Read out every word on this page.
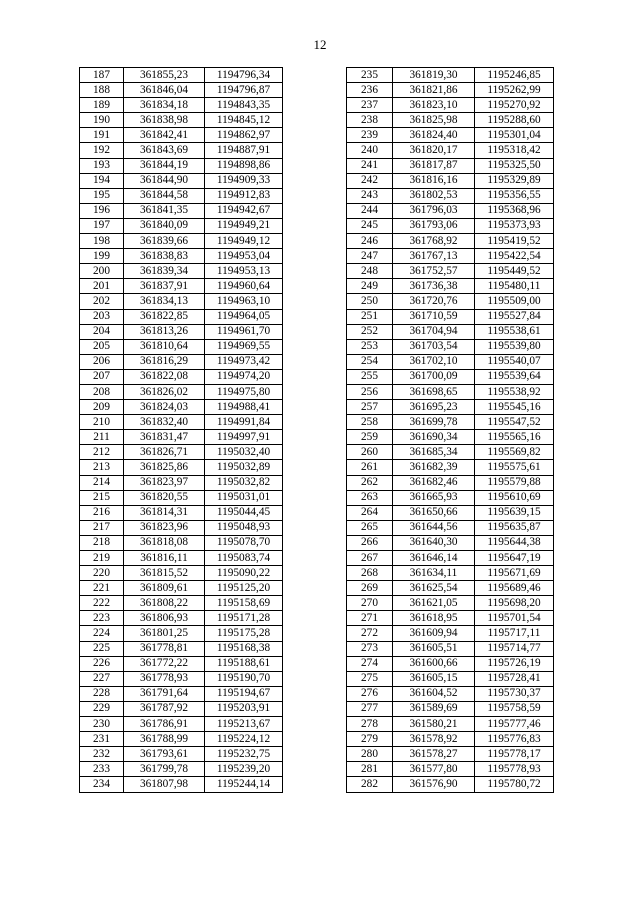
12
187	361855,23	1194796,34
188	361846,04	1194796,87
189	361834,18	1194843,35
190	361838,98	1194845,12
191	361842,41	1194862,97
192	361843,69	1194887,91
193	361844,19	1194898,86
194	361844,90	1194909,33
195	361844,58	1194912,83
196	361841,35	1194942,67
197	361840,09	1194949,21
198	361839,66	1194949,12
199	361838,83	1194953,04
200	361839,34	1194953,13
201	361837,91	1194960,64
202	361834,13	1194963,10
203	361822,85	1194964,05
204	361813,26	1194961,70
205	361810,64	1194969,55
206	361816,29	1194973,42
207	361822,08	1194974,20
208	361826,02	1194975,80
209	361824,03	1194988,41
210	361832,40	1194991,84
211	361831,47	1194997,91
212	361826,71	1195032,40
213	361825,86	1195032,89
214	361823,97	1195032,82
215	361820,55	1195031,01
216	361814,31	1195044,45
217	361823,96	1195048,93
218	361818,08	1195078,70
219	361816,11	1195083,74
220	361815,52	1195090,22
221	361809,61	1195125,20
222	361808,22	1195158,69
223	361806,93	1195171,28
224	361801,25	1195175,28
225	361778,81	1195168,38
226	361772,22	1195188,61
227	361778,93	1195190,70
228	361791,64	1195194,67
229	361787,92	1195203,91
230	361786,91	1195213,67
231	361788,99	1195224,12
232	361793,61	1195232,75
233	361799,78	1195239,20
234	361807,98	1195244,14
235	361819,30	1195246,85
236	361821,86	1195262,99
237	361823,10	1195270,92
238	361825,98	1195288,60
239	361824,40	1195301,04
240	361820,17	1195318,42
241	361817,87	1195325,50
242	361816,16	1195329,89
243	361802,53	1195356,55
244	361796,03	1195368,96
245	361793,06	1195373,93
246	361768,92	1195419,52
247	361767,13	1195422,54
248	361752,57	1195449,52
249	361736,38	1195480,11
250	361720,76	1195509,00
251	361710,59	1195527,84
252	361704,94	1195538,61
253	361703,54	1195539,80
254	361702,10	1195540,07
255	361700,09	1195539,64
256	361698,65	1195538,92
257	361695,23	1195545,16
258	361699,78	1195547,52
259	361690,34	1195565,16
260	361685,34	1195569,82
261	361682,39	1195575,61
262	361682,46	1195579,88
263	361665,93	1195610,69
264	361650,66	1195639,15
265	361644,56	1195635,87
266	361640,30	1195644,38
267	361646,14	1195647,19
268	361634,11	1195671,69
269	361625,54	1195689,46
270	361621,05	1195698,20
271	361618,95	1195701,54
272	361609,94	1195717,11
273	361605,51	1195714,77
274	361600,66	1195726,19
275	361605,15	1195728,41
276	361604,52	1195730,37
277	361589,69	1195758,59
278	361580,21	1195777,46
279	361578,92	1195776,83
280	361578,27	1195778,17
281	361577,80	1195778,93
282	361576,90	1195780,72
